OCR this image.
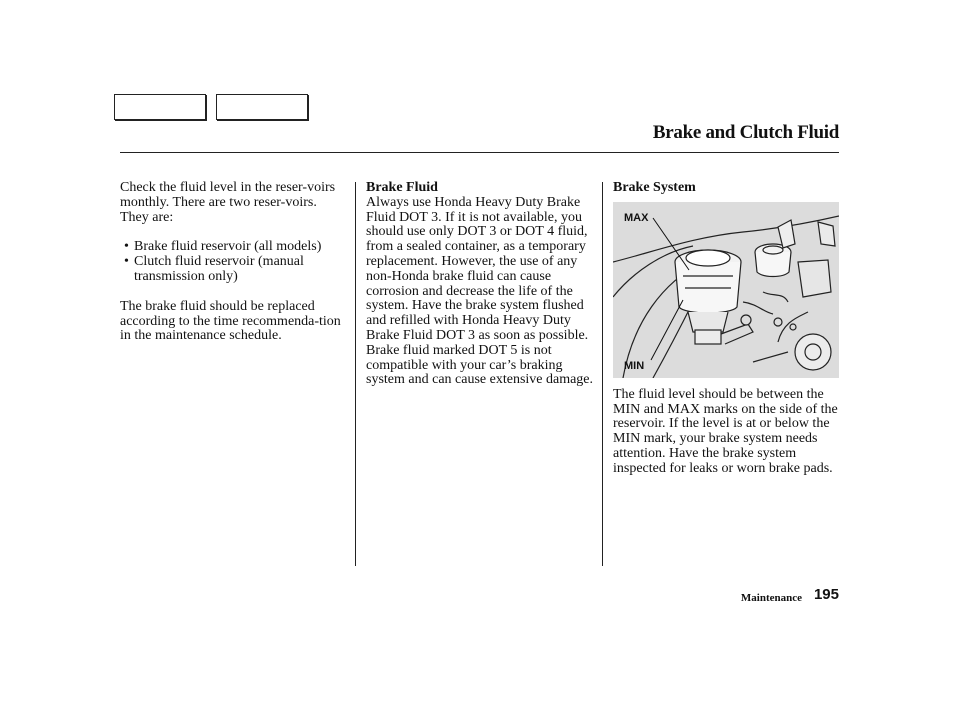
Brake and Clutch Fluid

Check the fluid level in the reser-voirs monthly. There are two reser-voirs. They are:

• Brake fluid reservoir (all models)
• Clutch fluid reservoir (manual transmission only)

The brake fluid should be replaced according to the time recommenda-tion in the maintenance schedule.

Brake Fluid

Always use Honda Heavy Duty Brake Fluid DOT 3. If it is not available, you should use only DOT 3 or DOT 4 fluid, from a sealed container, as a temporary replacement. However, the use of any non-Honda brake fluid can cause corrosion and decrease the life of the system. Have the brake system flushed and refilled with Honda Heavy Duty Brake Fluid DOT 3 as soon as possible.

Brake fluid marked DOT 5 is not compatible with your car’s braking system and can cause extensive damage.

Brake System

MAX
MIN

The fluid level should be between the MIN and MAX marks on the side of the reservoir. If the level is at or below the MIN mark, your brake system needs attention. Have the brake system inspected for leaks or worn brake pads.

Maintenance 195
